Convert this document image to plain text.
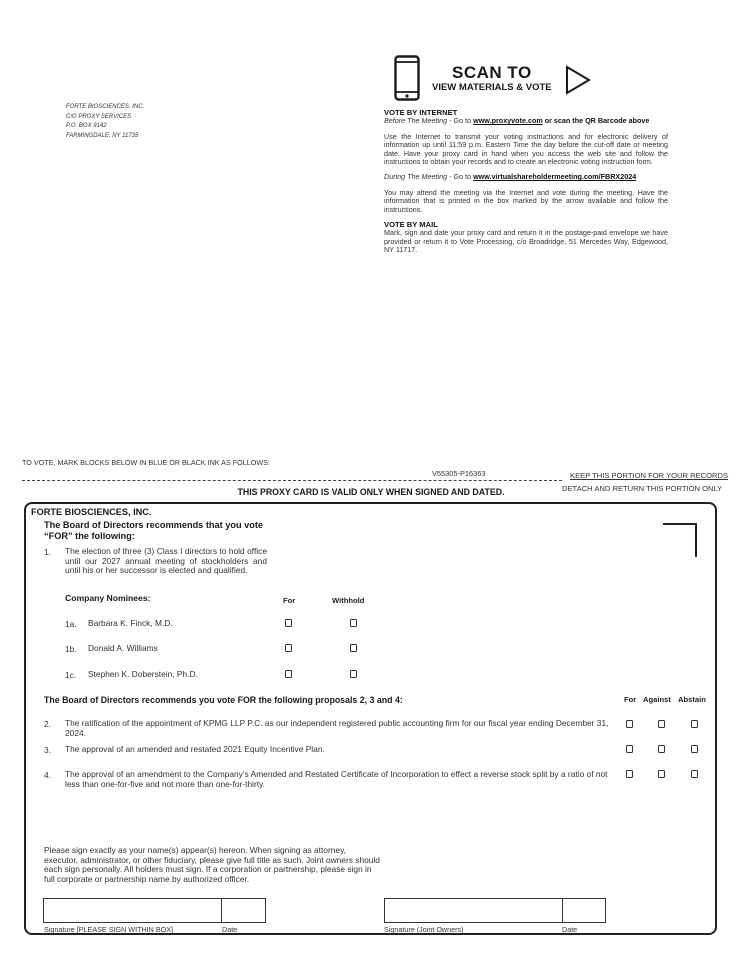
FORTE BIOSCIENCES, INC.
C/O PROXY SERVICES
P.O. BOX 9142
FARMINGDALE, NY 11735
SCAN TO
VIEW MATERIALS & VOTE
VOTE BY INTERNET
Before The Meeting - Go to www.proxyvote.com or scan the QR Barcode above
Use the Internet to transmit your voting instructions and for electronic delivery of information up until 11:59 p.m. Eastern Time the day before the cut-off date or meeting date. Have your proxy card in hand when you access the web site and follow the instructions to obtain your records and to create an electronic voting instruction form.
During The Meeting - Go to www.virtualshareholdermeeting.com/FBRX2024
You may attend the meeting via the Internet and vote during the meeting. Have the information that is printed in the box marked by the arrow available and follow the instructions.
VOTE BY MAIL
Mark, sign and date your proxy card and return it in the postage-paid envelope we have provided or return it to Vote Processing, c/o Broadridge, 51 Mercedes Way, Edgewood, NY 11717.
TO VOTE, MARK BLOCKS BELOW IN BLUE OR BLACK INK AS FOLLOWS:
V55305-P16363	KEEP THIS PORTION FOR YOUR RECORDS
DETACH AND RETURN THIS PORTION ONLY
THIS PROXY CARD IS VALID ONLY WHEN SIGNED AND DATED.
FORTE BIOSCIENCES, INC.
The Board of Directors recommends that you vote “FOR” the following:
1. The election of three (3) Class I directors to hold office until our 2027 annual meeting of stockholders and until his or her successor is elected and qualified.
Company Nominees:	For	Withhold
1a. Barbara K. Finck, M.D.
1b. Donald A. Williams
1c. Stephen K. Doberstein, Ph.D.
The Board of Directors recommends you vote FOR the following proposals 2, 3 and 4:	For Against Abstain
2. The ratification of the appointment of KPMG LLP P.C. as our independent registered public accounting firm for our fiscal year ending December 31, 2024.
3. The approval of an amended and restated 2021 Equity Incentive Plan.
4. The approval of an amendment to the Company’s Amended and Restated Certificate of Incorporation to effect a reverse stock split by a ratio of not less than one-for-five and not more than one-for-thirty.
Please sign exactly as your name(s) appear(s) hereon. When signing as attorney, executor, administrator, or other fiduciary, please give full title as such. Joint owners should each sign personally. All holders must sign. If a corporation or partnership, please sign in full corporate or partnership name by authorized officer.
Signature [PLEASE SIGN WITHIN BOX]	Date	Signature (Joint Owners)	Date
